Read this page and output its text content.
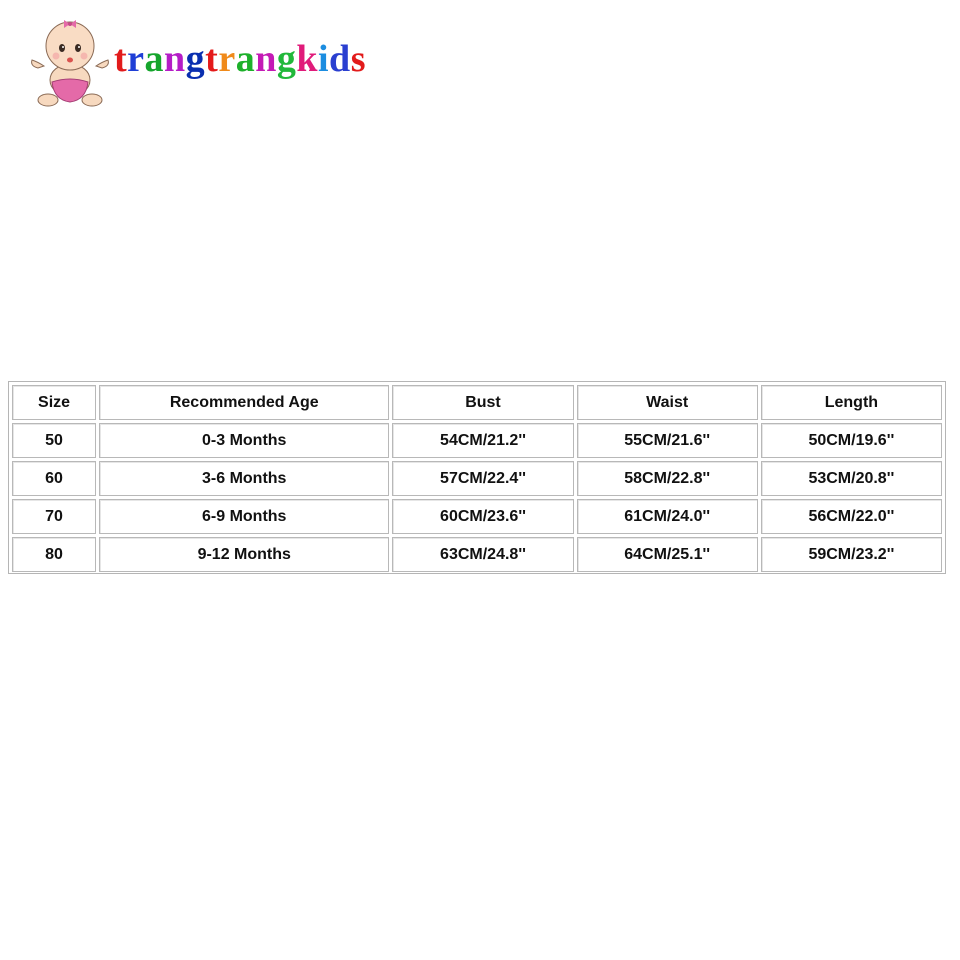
trangtrangkids
Size	Recommended Age	Bust	Waist	Length
50	0-3 Months	54CM/21.2''	55CM/21.6''	50CM/19.6''
60	3-6 Months	57CM/22.4''	58CM/22.8''	53CM/20.8''
70	6-9 Months	60CM/23.6''	61CM/24.0''	56CM/22.0''
80	9-12 Months	63CM/24.8''	64CM/25.1''	59CM/23.2''
